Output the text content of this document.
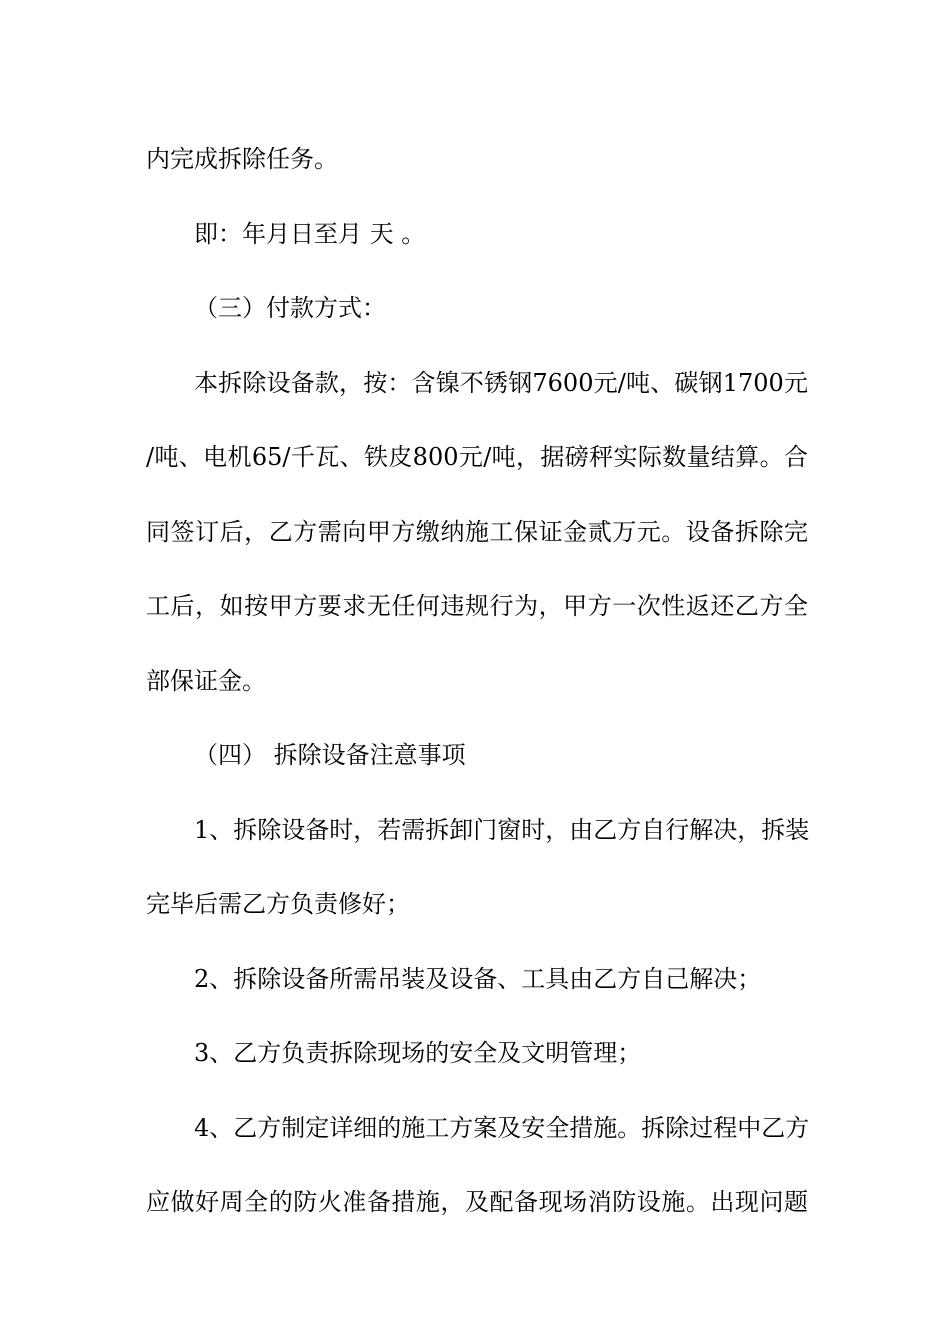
内完成拆除任务。
即：年月日至月 天 。
（三）付款方式：
本拆除设备款，按：含镍不锈钢7600元/吨、碳钢1700元
/吨、电机65/千瓦、铁皮800元/吨，据磅秤实际数量结算。合
同签订后，乙方需向甲方缴纳施工保证金贰万元。设备拆除完
工后，如按甲方要求无任何违规行为，甲方一次性返还乙方全
部保证金。
（四） 拆除设备注意事项
1、拆除设备时，若需拆卸门窗时，由乙方自行解决，拆装
完毕后需乙方负责修好；
2、拆除设备所需吊装及设备、工具由乙方自己解决；
3、乙方负责拆除现场的安全及文明管理；
4、乙方制定详细的施工方案及安全措施。拆除过程中乙方
应做好周全的防火准备措施，及配备现场消防设施。出现问题
